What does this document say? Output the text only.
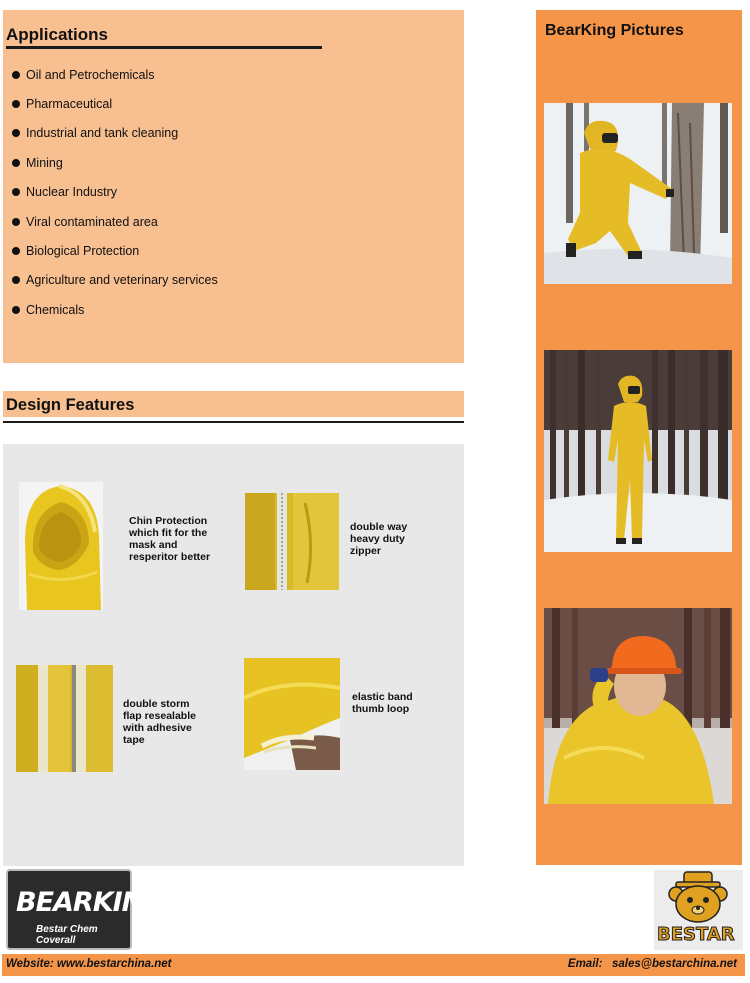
Applications
Oil and Petrochemicals
Pharmaceutical
Industrial and tank cleaning
Mining
Nuclear Industry
Viral contaminated area
Biological Protection
Agriculture and veterinary services
Chemicals
Design Features
Chin Protection which fit for the mask and resperitor better
double way heavy duty zipper
double storm flap resealable with adhesive tape
elastic band thumb loop
BearKing Pictures
BEARKING
Bestar Chem Coverall	BESTAR
Website: www.bestarchina.net	Email:   sales@bestarchina.net
